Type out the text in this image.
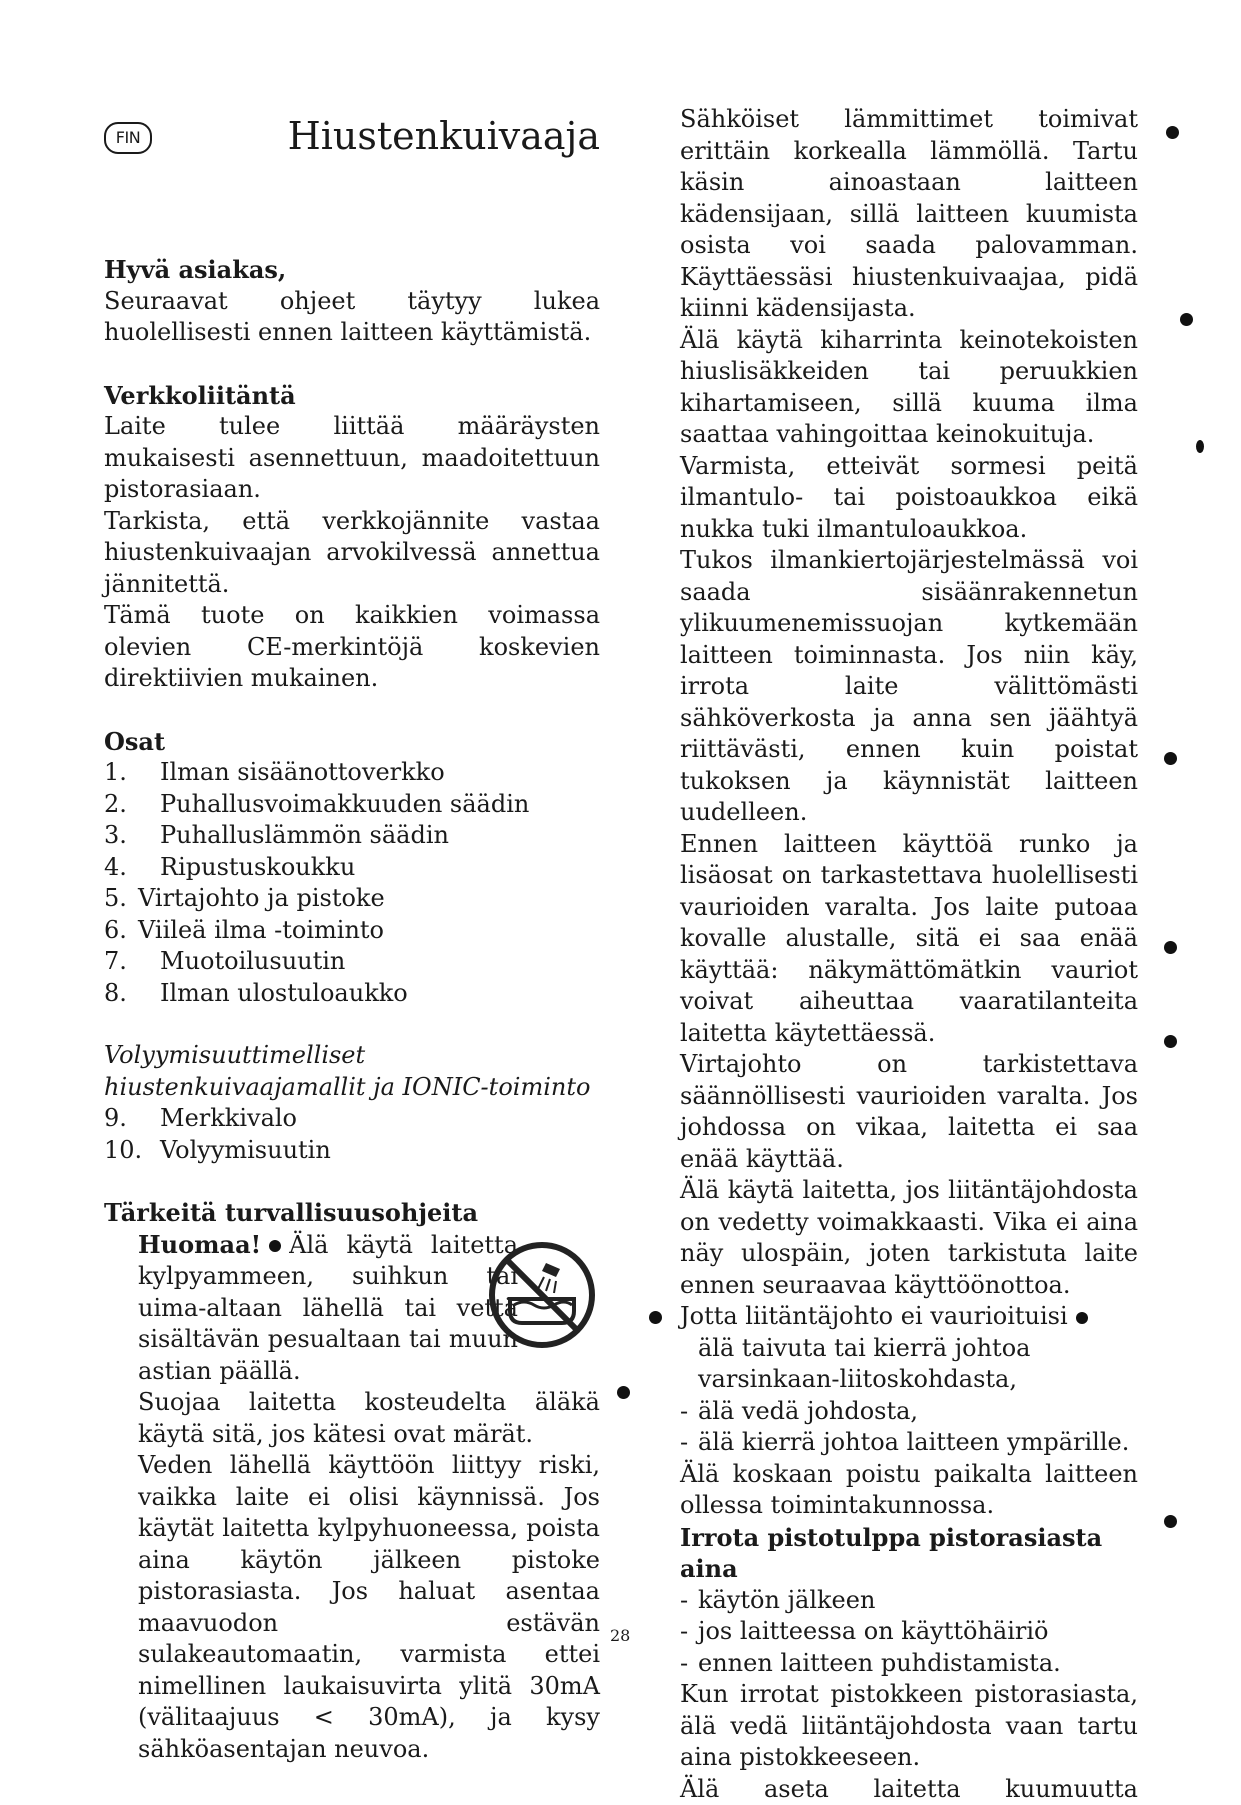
FIN	Hiustenkuivaaja
Hyvä asiakas,
Seuraavat ohjeet täytyy lukea huolellisesti ennen laitteen käyttämistä.
Verkkoliitäntä
Laite tulee liittää määräysten mukaisesti asennettuun, maadoitettuun pistorasiaan.
Tarkista, että verkkojännite vastaa hiustenkuivaajan arvokilvessä annettua jännitettä.
Tämä tuote on kaikkien voimassa olevien CE-merkintöjä koskevien direktiivien mukainen.
Osat
1.	Ilman sisäänottoverkko
2.	Puhallusvoimakkuuden säädin
3.	Puhalluslämmön säädin
4.	Ripustuskoukku
5. Virtajohto ja pistoke
6. Viileä ilma -toiminto
7.	Muotoilusuutin
8.	Ilman ulostuloaukko
Volyymisuuttimelliset hiustenkuivaajamallit ja IONIC-toiminto
9.	Merkkivalo
10. Volyymisuutin
Tärkeitä turvallisuusohjeita
Huomaa! Älä käytä laitetta kylpyammeen, suihkun tai uima-altaan lähellä tai vettä sisältävän pesualtaan tai muun astian päällä.
Suojaa laitetta kosteudelta äläkä käytä sitä, jos kätesi ovat märät.
Veden lähellä käyttöön liittyy riski, vaikka laite ei olisi käynnissä. Jos käytät laitetta kylpyhuoneessa, poista aina käytön jälkeen pistoke pistorasiasta. Jos haluat asentaa maavuodon estävän sulakeautomaatin, varmista ettei nimellinen laukaisuvirta ylitä 30mA (välitaajuus < 30mA), ja kysy sähköasentajan neuvoa.
Sähköiset lämmittimet toimivat erittäin korkealla lämmöllä. Tartu käsin ainoastaan laitteen kädensijaan, sillä laitteen kuumista osista voi saada palovamman. Käyttäessäsi hiustenkuivaajaa, pidä kiinni kädensijasta.
Älä käytä kiharrinta keinotekoisten hiuslisäkkeiden tai peruukkien kihartamiseen, sillä kuuma ilma saattaa vahingoittaa keinokuituja.
Varmista, etteivät sormesi peitä ilmantulo- tai poistoaukkoa eikä nukka tuki ilmantuloaukkoa.
Tukos ilmankiertojärjestelmässä voi saada sisäänrakennetun ylikuumenemissuojan kytkemään laitteen toiminnasta. Jos niin käy, irrota laite välittömästi sähköverkosta ja anna sen jäähtyä riittävästi, ennen kuin poistat tukoksen ja käynnistät laitteen uudelleen.
Ennen laitteen käyttöä runko ja lisäosat on tarkastettava huolellisesti vaurioiden varalta. Jos laite putoaa kovalle alustalle, sitä ei saa enää käyttää: näkymättömätkin vauriot voivat aiheuttaa vaaratilanteita laitetta käytettäessä.
Virtajohto on tarkistettava säännöllisesti vaurioiden varalta. Jos johdossa on vikaa, laitetta ei saa enää käyttää.
Älä käytä laitetta, jos liitäntäjohdosta on vedetty voimakkaasti. Vika ei aina näy ulospäin, joten tarkistuta laite ennen seuraavaa käyttöönottoa.
Jotta liitäntäjohto ei vaurioituisi
älä taivuta tai kierrä johtoa varsinkaan-liitoskohdasta,
- älä vedä johdosta,
- älä kierrä johtoa laitteen ympärille.
Älä koskaan poistu paikalta laitteen ollessa toimintakunnossa.
Irrota pistotulppa pistorasiasta aina
- käytön jälkeen
- jos laitteessa on käyttöhäiriö
- ennen laitteen puhdistamista.
Kun irrotat pistokkeen pistorasiasta, älä vedä liitäntäjohdosta vaan tartu aina pistokkeeseen.
Älä aseta laitetta kuumuutta
28
